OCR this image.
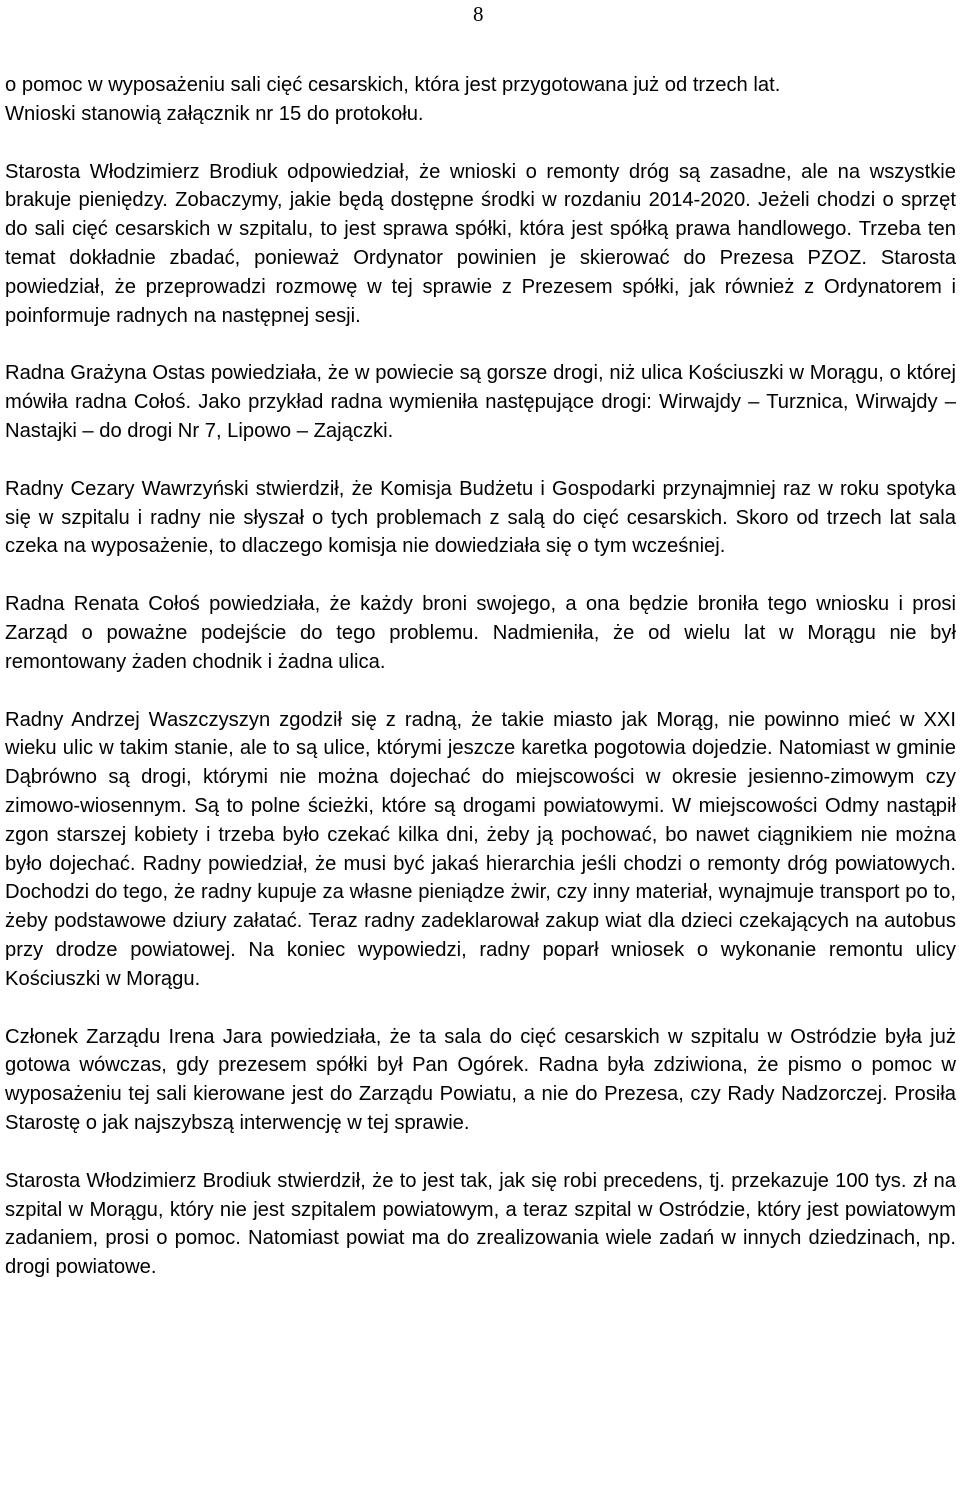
8

o pomoc w wyposażeniu sali cięć cesarskich, która jest przygotowana już od trzech lat.

Wnioski stanowią załącznik nr 15 do protokołu.

Starosta Włodzimierz Brodiuk odpowiedział, że wnioski o remonty dróg są zasadne, ale na wszystkie brakuje pieniędzy. Zobaczymy, jakie będą dostępne środki w rozdaniu 2014-2020. Jeżeli chodzi o sprzęt do sali cięć cesarskich w szpitalu, to jest sprawa spółki, która jest spółką prawa handlowego. Trzeba ten temat dokładnie zbadać, ponieważ Ordynator powinien je skierować do Prezesa PZOZ. Starosta powiedział, że przeprowadzi rozmowę w tej sprawie z Prezesem spółki, jak również z Ordynatorem i poinformuje radnych na następnej sesji.

Radna Grażyna Ostas powiedziała, że w powiecie są gorsze drogi, niż ulica Kościuszki w Morągu, o której mówiła radna Cołoś. Jako przykład radna wymieniła następujące drogi: Wirwajdy – Turznica, Wirwajdy – Nastajki – do drogi Nr 7, Lipowo – Zajączki.

Radny Cezary Wawrzyński stwierdził, że Komisja Budżetu i Gospodarki przynajmniej raz w roku spotyka się w szpitalu i radny nie słyszał o tych problemach z salą do cięć cesarskich. Skoro od trzech lat sala czeka na wyposażenie, to dlaczego komisja nie dowiedziała się o tym wcześniej.

Radna Renata Cołoś powiedziała, że każdy broni swojego, a ona będzie broniła tego wniosku i prosi Zarząd o poważne podejście do tego problemu. Nadmieniła, że od wielu lat w Morągu nie był remontowany żaden chodnik i żadna ulica.

Radny Andrzej Waszczyszyn zgodził się z radną, że takie miasto jak Morąg, nie powinno mieć w XXI wieku ulic w takim stanie, ale to są ulice, którymi jeszcze karetka pogotowia dojedzie. Natomiast w gminie Dąbrówno są drogi, którymi nie można dojechać do miejscowości w okresie jesienno-zimowym czy zimowo-wiosennym. Są to polne ścieżki, które są drogami powiatowymi. W miejscowości Odmy nastąpił zgon starszej kobiety i trzeba było czekać kilka dni, żeby ją pochować, bo nawet ciągnikiem nie można było dojechać. Radny powiedział, że musi być jakaś hierarchia jeśli chodzi o remonty dróg powiatowych. Dochodzi do tego, że radny kupuje za własne pieniądze żwir, czy inny materiał, wynajmuje transport po to, żeby podstawowe dziury załatać. Teraz radny zadeklarował zakup wiat dla dzieci czekających na autobus przy drodze powiatowej. Na koniec wypowiedzi, radny poparł wniosek o wykonanie remontu ulicy Kościuszki w Morągu.

Członek Zarządu Irena Jara powiedziała, że ta sala do cięć cesarskich w szpitalu w Ostródzie była już gotowa wówczas, gdy prezesem spółki był Pan Ogórek. Radna była zdziwiona, że pismo o pomoc w wyposażeniu tej sali kierowane jest do Zarządu Powiatu, a nie do Prezesa, czy Rady Nadzorczej. Prosiła Starostę o jak najszybszą interwencję w tej sprawie.

Starosta Włodzimierz Brodiuk stwierdził, że to jest tak, jak się robi precedens, tj. przekazuje 100 tys. zł na szpital w Morągu, który nie jest szpitalem powiatowym, a teraz szpital w Ostródzie, który jest powiatowym zadaniem, prosi o pomoc. Natomiast powiat ma do zrealizowania wiele zadań w innych dziedzinach, np. drogi powiatowe.
